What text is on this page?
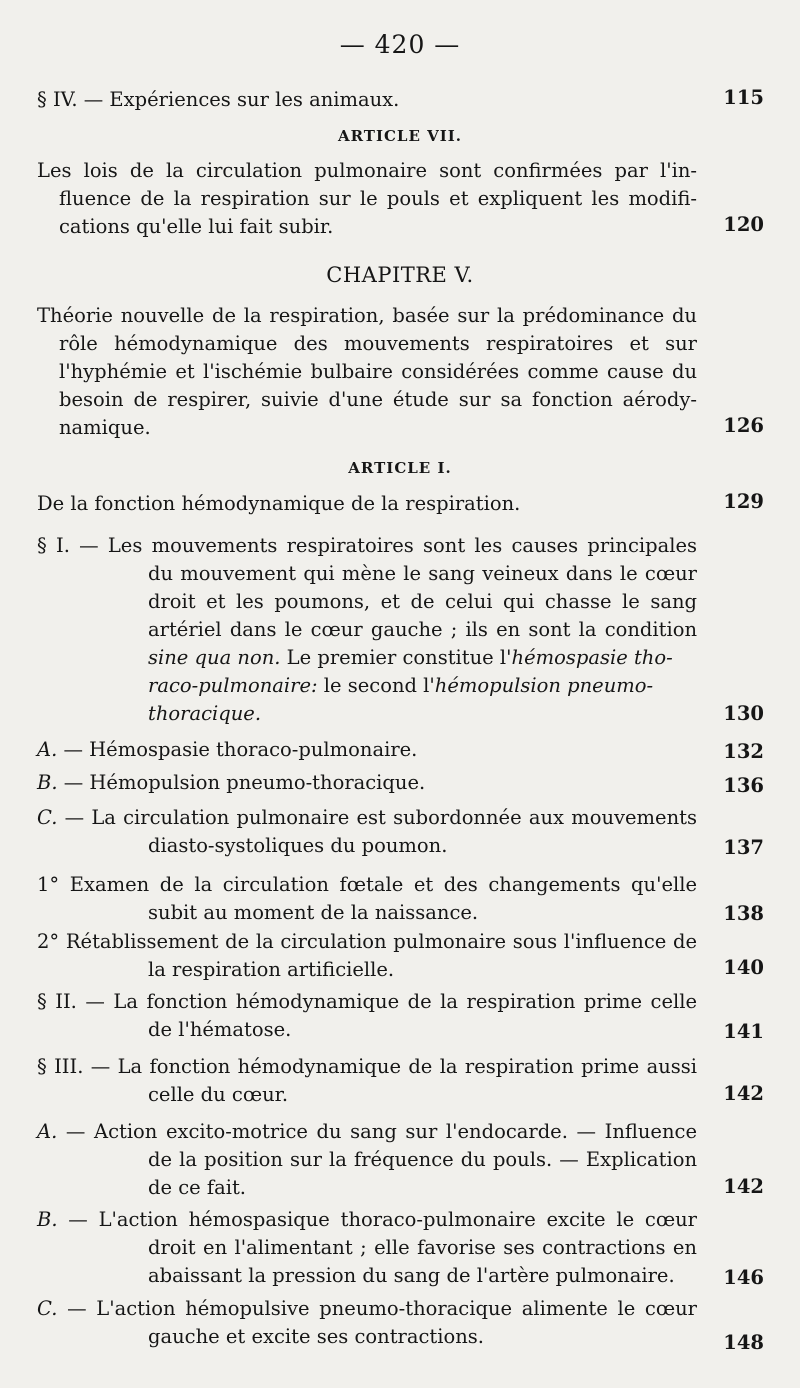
— 420 —
§ IV. — Expériences sur les animaux.	115
ARTICLE VII.
Les lois de la circulation pulmonaire sont confirmées par l'in-
fluence de la respiration sur le pouls et expliquent les modifi-
cations qu'elle lui fait subir.	120
CHAPITRE V.
Théorie nouvelle de la respiration, basée sur la prédominance du
rôle hémodynamique des mouvements respiratoires et sur
l'hyphémie et l'ischémie bulbaire considérées comme cause du
besoin de respirer, suivie d'une étude sur sa fonction aérody-
namique.	126
ARTICLE I.
De la fonction hémodynamique de la respiration.	129
§ I. — Les mouvements respiratoires sont les causes principales
du mouvement qui mène le sang veineux dans le cœur
droit et les poumons, et de celui qui chasse le sang
artériel dans le cœur gauche ; ils en sont la condition
sine qua non. Le premier constitue l'hémospasie tho-
raco-pulmonaire: le second l'hémopulsion pneumo-
thoracique.	130
A. — Hémospasie thoraco-pulmonaire.	132
B. — Hémopulsion pneumo-thoracique.	136
C. — La circulation pulmonaire est subordonnée aux mouvements
diasto-systoliques du poumon.	137
1° Examen de la circulation fœtale et des changements qu'elle
subit au moment de la naissance.	138
2° Rétablissement de la circulation pulmonaire sous l'influence de
la respiration artificielle.	140
§ II. — La fonction hémodynamique de la respiration prime celle
de l'hématose.	141
§ III. — La fonction hémodynamique de la respiration prime aussi
celle du cœur.	142
A. — Action excito-motrice du sang sur l'endocarde. — Influence
de la position sur la fréquence du pouls. — Explication
de ce fait.	142
B. — L'action hémospasique thoraco-pulmonaire excite le cœur
droit en l'alimentant ; elle favorise ses contractions en
abaissant la pression du sang de l'artère pulmonaire.	146
C. — L'action hémopulsive pneumo-thoracique alimente le cœur
gauche et excite ses contractions.	148
